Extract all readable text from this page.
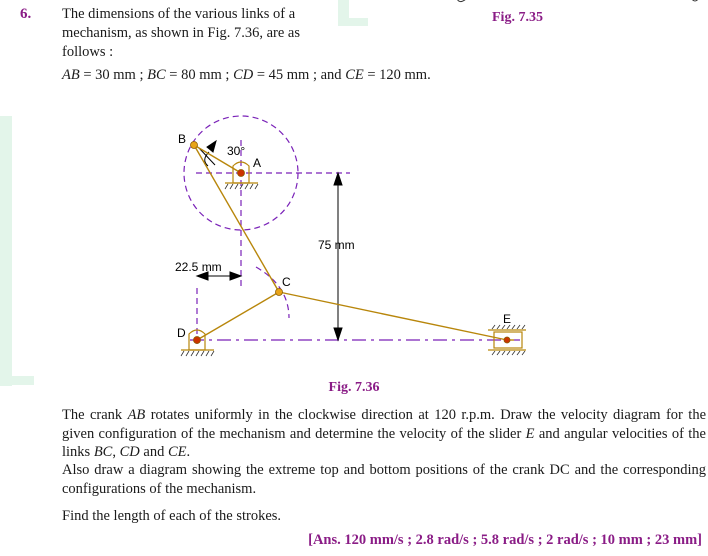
6. The dimensions of the various links of a mechanism, as shown in Fig. 7.36, are as follows :
Fig. 7.35
AB = 30 mm ; BC = 80 mm ; CD = 45 mm ; and CE = 120 mm.
B
A
30°
C
D
E
75 mm
22.5 mm
Fig. 7.36
The crank AB rotates uniformly in the clockwise direction at 120 r.p.m. Draw the velocity diagram for the given configuration of the mechanism and determine the velocity of the slider E and angular velocities of the links BC, CD and CE.
Also draw a diagram showing the extreme top and bottom positions of the crank DC and the corresponding configurations of the mechanism.
Find the length of each of the strokes.
[Ans. 120 mm/s ; 2.8 rad/s ; 5.8 rad/s ; 2 rad/s ; 10 mm ; 23 mm]
